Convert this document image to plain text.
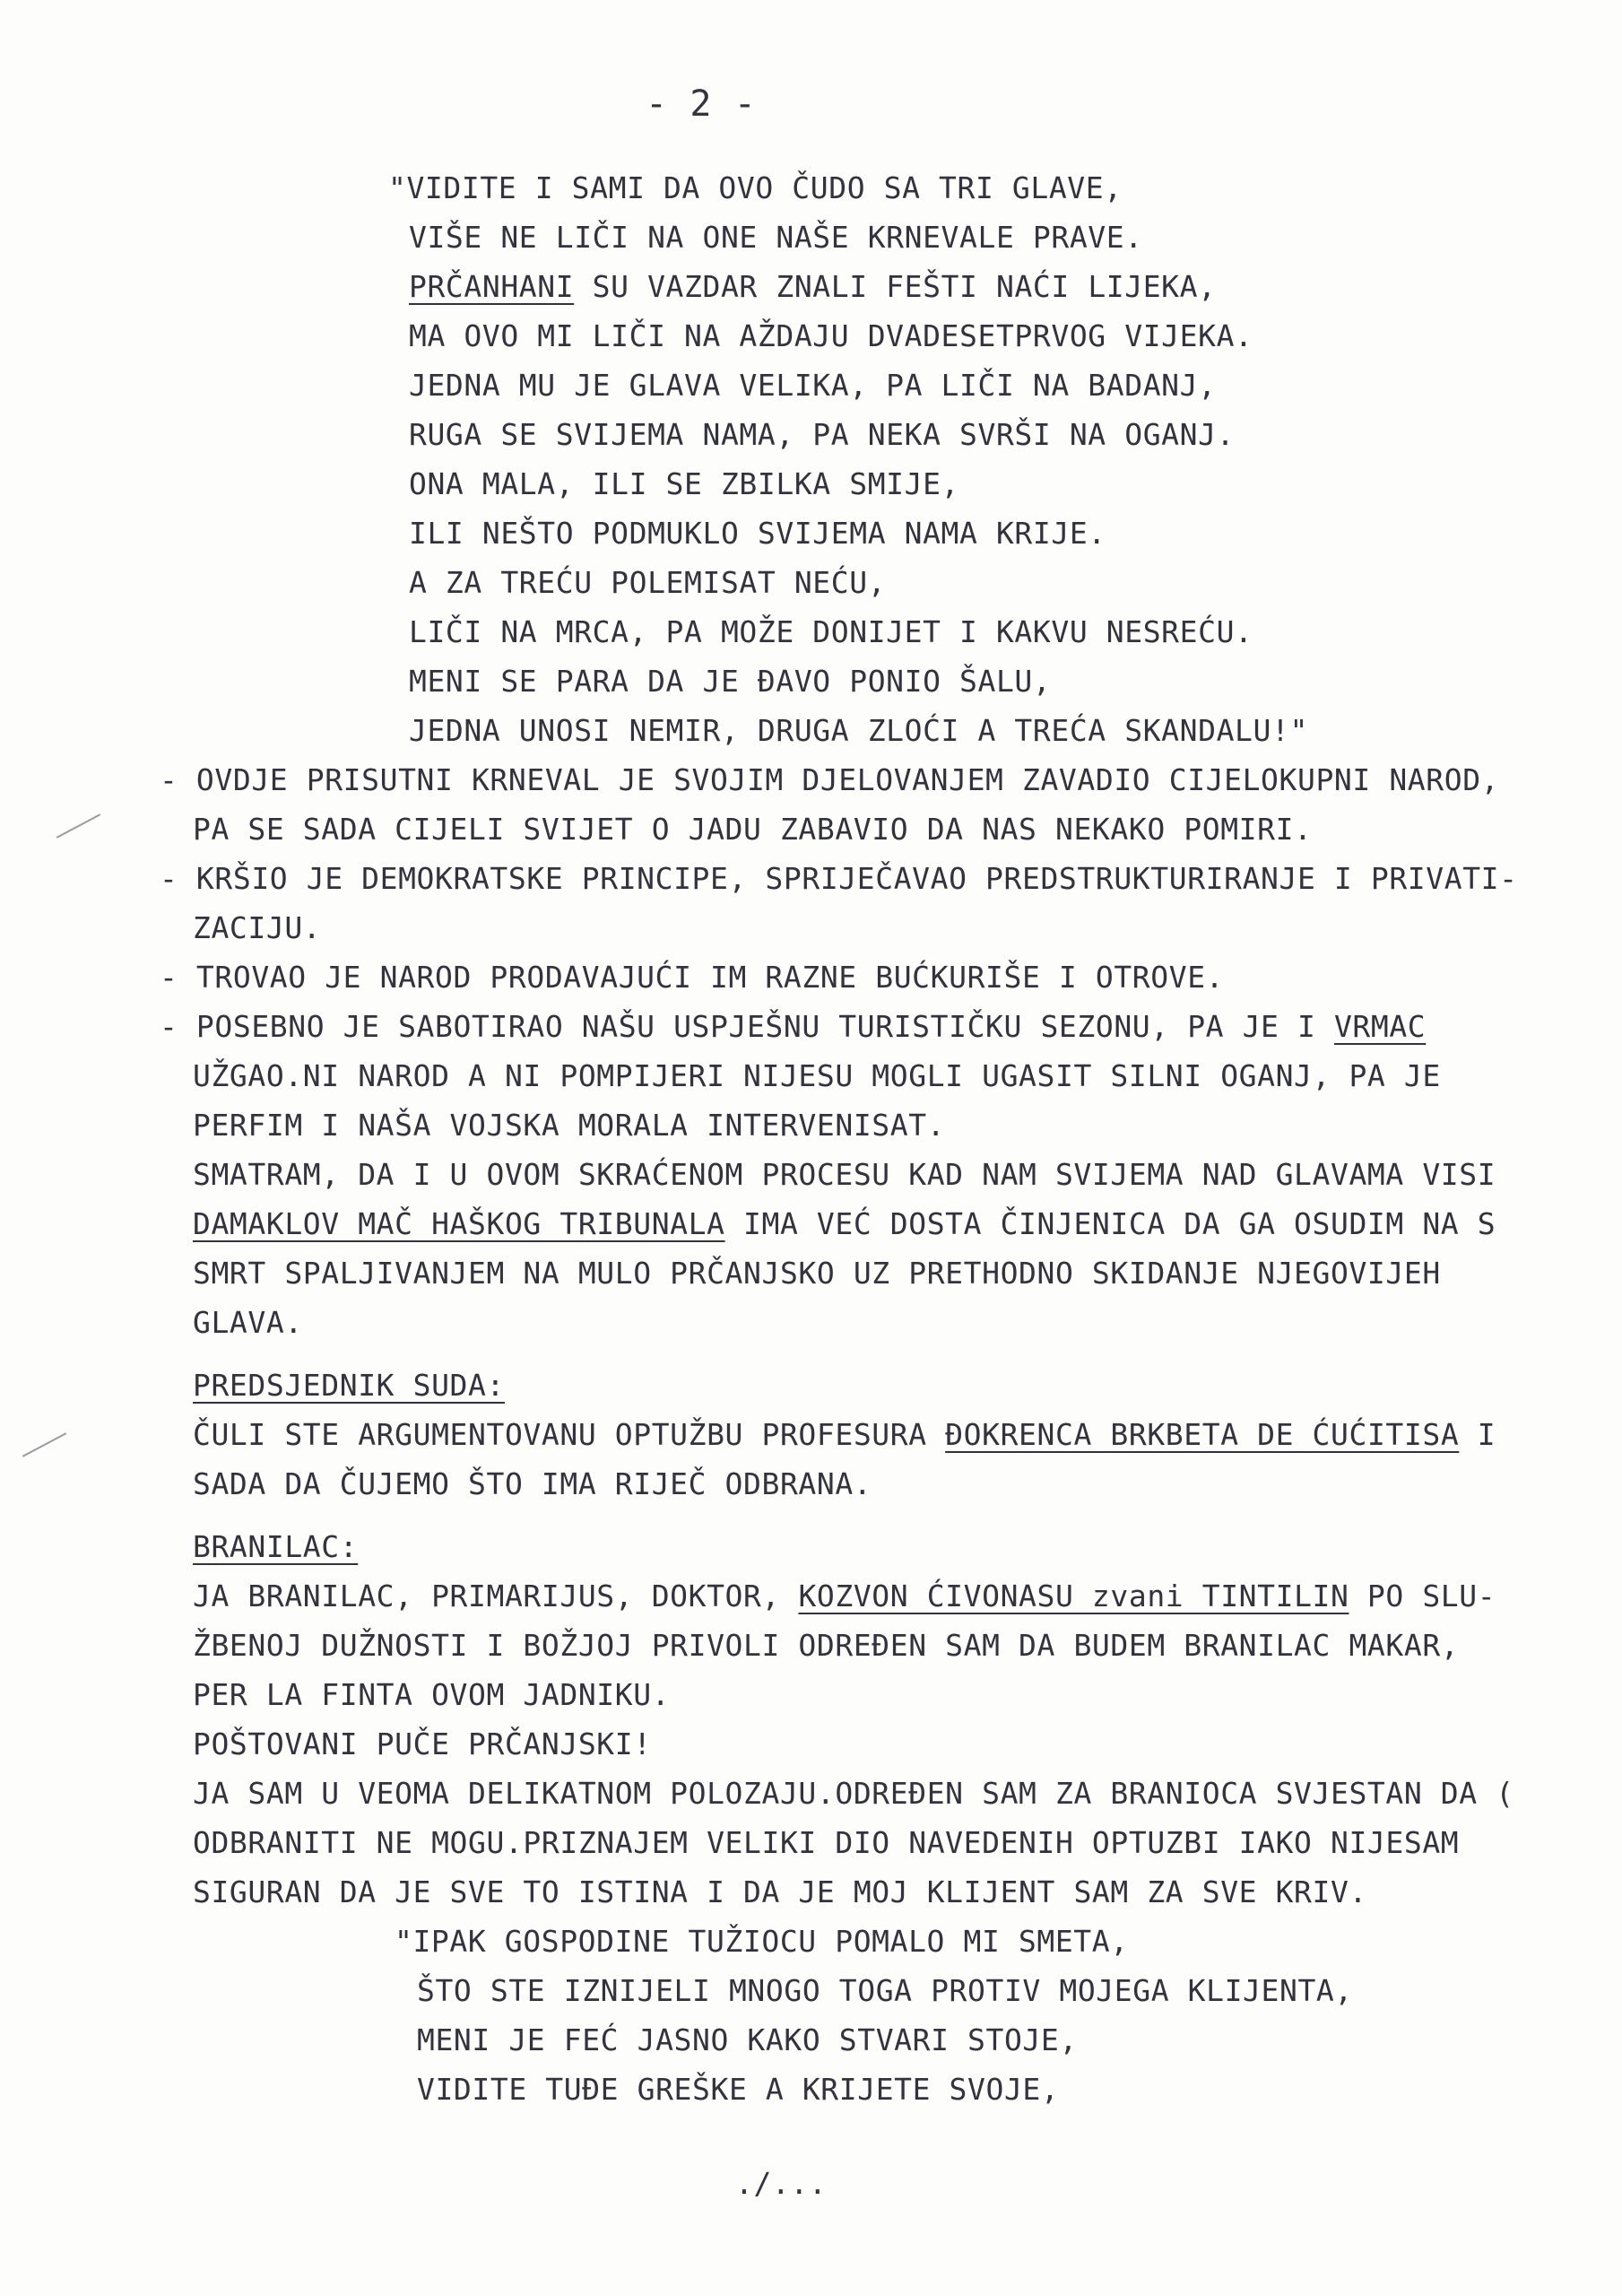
- 2 -
"VIDITE I SAMI DA OVO ČUDO SA TRI GLAVE,
VIŠE NE LIČI NA ONE NAŠE KRNEVALE PRAVE.
PRČANHANI SU VAZDAR ZNALI FEŠTI NAĆI LIJEKA,
MA OVO MI LIČI NA AŽDAJU DVADESETPRVOG VIJEKA.
JEDNA MU JE GLAVA VELIKA, PA LIČI NA BADANJ,
RUGA SE SVIJEMA NAMA, PA NEKA SVRŠI NA OGANJ.
ONA MALA, ILI SE ZBILKA SMIJE,
ILI NEŠTO PODMUKLO SVIJEMA NAMA KRIJE.
A ZA TREĆU POLEMISAT NEĆU,
LIČI NA MRCA, PA MOŽE DONIJET I KAKVU NESREĆU.
MENI SE PARA DA JE ĐAVO PONIO ŠALU,
JEDNA UNOSI NEMIR, DRUGA ZLOĆI A TREĆA SKANDALU!"
- OVDJE PRISUTNI KRNEVAL JE SVOJIM DJELOVANJEM ZAVADIO CIJELOKUPNI NAROD,
PA SE SADA CIJELI SVIJET O JADU ZABAVIO DA NAS NEKAKO POMIRI.
- KRŠIO JE DEMOKRATSKE PRINCIPE, SPRIJEČAVAO PREDSTRUKTURIRANJE I PRIVATI-
ZACIJU.
- TROVAO JE NAROD PRODAVAJUĆI IM RAZNE BUĆKURIŠE I OTROVE.
- POSEBNO JE SABOTIRAO NAŠU USPJEŠNU TURISTIČKU SEZONU, PA JE I VRMAC
UŽGAO.NI NAROD A NI POMPIJERI NIJESU MOGLI UGASIT SILNI OGANJ, PA JE
PERFIM I NAŠA VOJSKA MORALA INTERVENISAT.
SMATRAM, DA I U OVOM SKRAĆENOM PROCESU KAD NAM SVIJEMA NAD GLAVAMA VISI
DAMAKLOV MAČ HAŠKOG TRIBUNALA IMA VEĆ DOSTA ČINJENICA DA GA OSUDIM NA S
SMRT SPALJIVANJEM NA MULO PRČANJSKO UZ PRETHODNO SKIDANJE NJEGOVIJEH
GLAVA.
PREDSJEDNIK SUDA:
ČULI STE ARGUMENTOVANU OPTUŽBU PROFESURA ĐOKRENCA BRKBETA DE ĆUĆITISA I
SADA DA ČUJEMO ŠTO IMA RIJEČ ODBRANA.
BRANILAC:
JA BRANILAC, PRIMARIJUS, DOKTOR, KOZVON ĆIVONASU zvani TINTILIN PO SLU-
ŽBENOJ DUŽNOSTI I BOŽJOJ PRIVOLI ODREĐEN SAM DA BUDEM BRANILAC MAKAR,
PER LA FINTA OVOM JADNIKU.
POŠTOVANI PUČE PRČANJSKI!
JA SAM U VEOMA DELIKATNOM POLOZAJU.ODREĐEN SAM ZA BRANIOCA SVJESTAN DA (
ODBRANITI NE MOGU.PRIZNAJEM VELIKI DIO NAVEDENIH OPTUZBI IAKO NIJESAM
SIGURAN DA JE SVE TO ISTINA I DA JE MOJ KLIJENT SAM ZA SVE KRIV.
"IPAK GOSPODINE TUŽIOCU POMALO MI SMETA,
ŠTO STE IZNIJELI MNOGO TOGA PROTIV MOJEGA KLIJENTA,
MENI JE FEĆ JASNO KAKO STVARI STOJE,
VIDITE TUĐE GREŠKE A KRIJETE SVOJE,
./...
